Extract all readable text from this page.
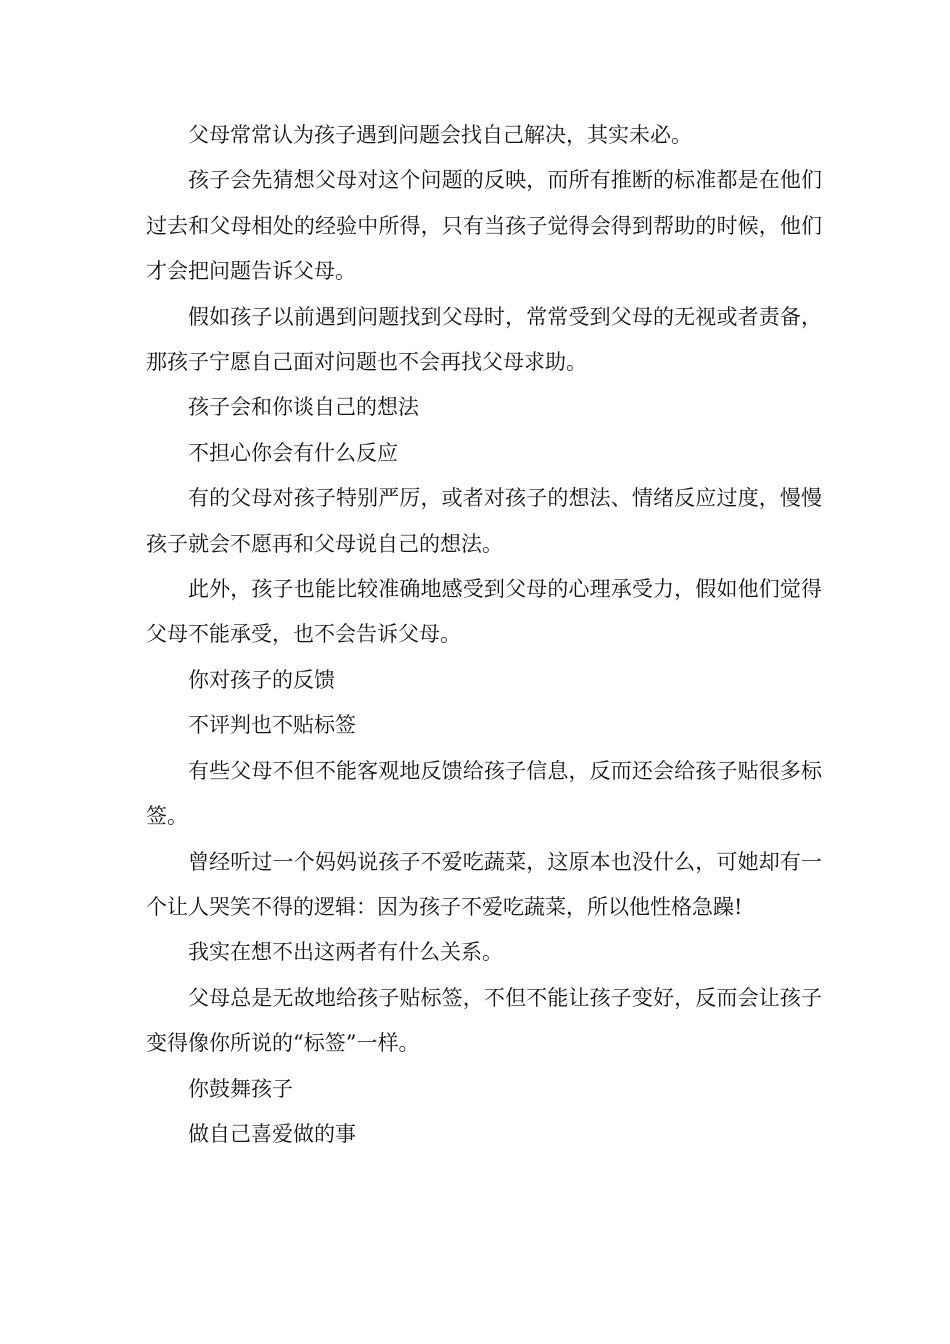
父母常常认为孩子遇到问题会找自己解决，其实未必。

孩子会先猜想父母对这个问题的反映，而所有推断的标准都是在他们过去和父母相处的经验中所得，只有当孩子觉得会得到帮助的时候，他们才会把问题告诉父母。

假如孩子以前遇到问题找到父母时，常常受到父母的无视或者责备，那孩子宁愿自己面对问题也不会再找父母求助。

孩子会和你谈自己的想法

不担心你会有什么反应

有的父母对孩子特别严厉，或者对孩子的想法、情绪反应过度，慢慢孩子就会不愿再和父母说自己的想法。

此外，孩子也能比较准确地感受到父母的心理承受力，假如他们觉得父母不能承受，也不会告诉父母。

你对孩子的反馈

不评判也不贴标签

有些父母不但不能客观地反馈给孩子信息，反而还会给孩子贴很多标签。

曾经听过一个妈妈说孩子不爱吃蔬菜，这原本也没什么，可她却有一个让人哭笑不得的逻辑：因为孩子不爱吃蔬菜，所以他性格急躁!

我实在想不出这两者有什么关系。

父母总是无故地给孩子贴标签，不但不能让孩子变好，反而会让孩子变得像你所说的“标签”一样。

你鼓舞孩子

做自己喜爱做的事
